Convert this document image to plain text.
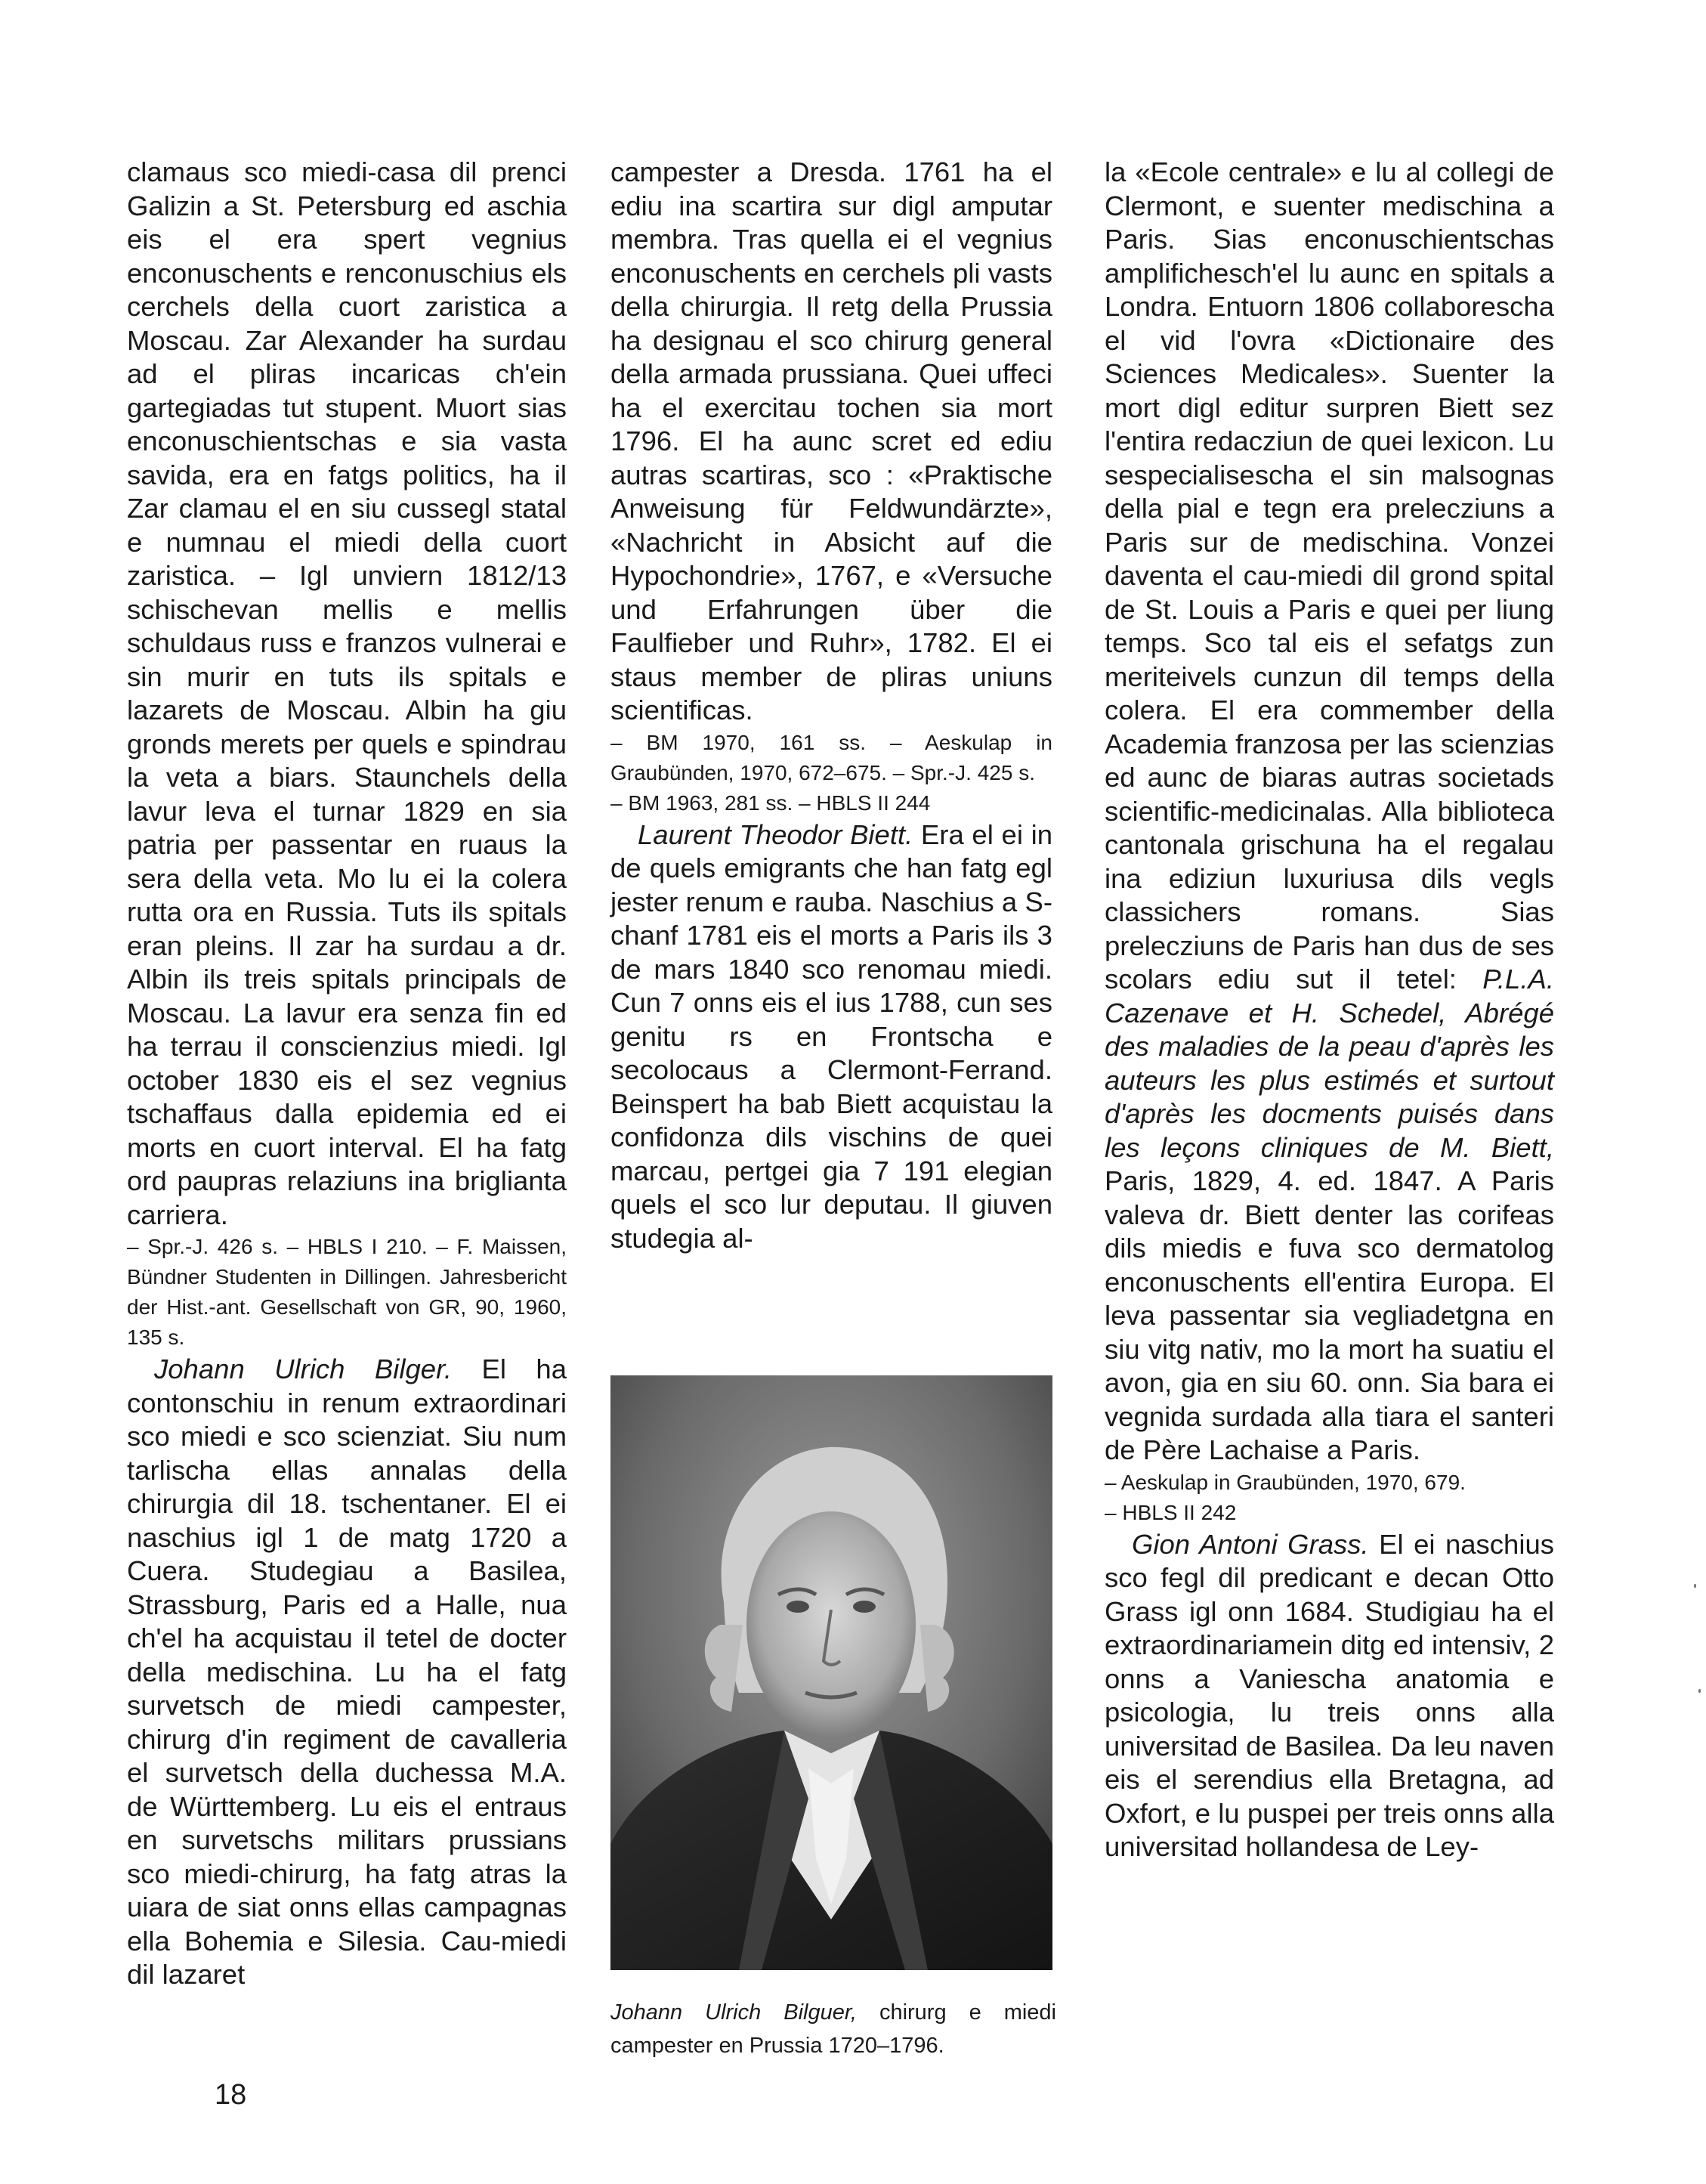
clamaus sco miedi-casa dil prenci Galizin a St. Petersburg ed aschia eis el era spert vegnius enconuschents e renconuschius els cerchels della cuort zaristica a Moscau. Zar Alexander ha surdau ad el pliras incaricas ch'ein gartegiadas tut stupent. Muort sias enconuschientschas e sia vasta savida, era en fatgs politics, ha il Zar clamau el en siu cussegl statal e numnau el miedi della cuort zaristica. – Igl unviern 1812/13 schischevan mellis e mellis schuldaus russ e franzos vulnerai e sin murir en tuts ils spitals e lazarets de Moscau. Albin ha giu gronds merets per quels e spindrau la veta a biars. Staunchels della lavur leva el turnar 1829 en sia patria per passentar en ruaus la sera della veta. Mo lu ei la colera rutta ora en Russia. Tuts ils spitals eran pleins. Il zar ha surdau a dr. Albin ils treis spitals principals de Moscau. La lavur era senza fin ed ha terrau il conscienzius miedi. Igl october 1830 eis el sez vegnius tschaffaus dalla epidemia ed ei morts en cuort interval. El ha fatg ord paupras relaziuns ina briglianta carriera.

– Spr.-J. 426 s. – HBLS I 210. – F. Maissen, Bündner Studenten in Dillingen. Jahresbericht der Hist.-ant. Gesellschaft von GR, 90, 1960, 135 s.

Johann Ulrich Bilger. El ha contonschiu in renum extraordinari sco miedi e sco scienziat. Siu num tarlischa ellas annalas della chirurgia dil 18. tschentaner. El ei naschius igl 1 de matg 1720 a Cuera. Studegiau a Basilea, Strassburg, Paris ed a Halle, nua ch'el ha acquistau il tetel de docter della medischina. Lu ha el fatg survetsch de miedi campester, chirurg d'in regiment de cavalleria el survetsch della duchessa M.A. de Württemberg. Lu eis el entraus en survetschs militars prussians sco miedi-chirurg, ha fatg atras la uiara de siat onns ellas campagnas ella Bohemia e Silesia. Cau-miedi dil lazaret

campester a Dresda. 1761 ha el ediu ina scartira sur digl amputar membra. Tras quella ei el vegnius enconuschents en cerchels pli vasts della chirurgia. Il retg della Prussia ha designau el sco chirurg general della armada prussiana. Quei uffeci ha el exercitau tochen sia mort 1796. El ha aunc scret ed ediu autras scartiras, sco : «Praktische Anweisung für Feldwundärzte», «Nachricht in Absicht auf die Hypochondrie», 1767, e «Versuche und Erfahrungen über die Faulfieber und Ruhr», 1782. El ei staus member de pliras uniuns scientificas.

– BM 1970, 161 ss. – Aeskulap in Graubünden, 1970, 672–675. – Spr.-J. 425 s.

– BM 1963, 281 ss. – HBLS II 244

Laurent Theodor Biett. Era el ei in de quels emigrants che han fatg egl jester renum e rauba. Naschius a S-chanf 1781 eis el morts a Paris ils 3 de mars 1840 sco renomau miedi. Cun 7 onns eis el ius 1788, cun ses genitu rs en Frontscha e secolocaus a Clermont-Ferrand. Beinspert ha bab Biett acquistau la confidonza dils vischins de quei marcau, pertgei gia 7 191 elegian quels el sco lur deputau. Il giuven studegia al-

Johann Ulrich Bilguer, chirurg e miedi campester en Prussia 1720–1796.

la «Ecole centrale» e lu al collegi de Clermont, e suenter medischina a Paris. Sias enconuschientschas amplifichesch'el lu aunc en spitals a Londra. Entuorn 1806 collaborescha el vid l'ovra «Dictionaire des Sciences Medicales». Suenter la mort digl editur surpren Biett sez l'entira redacziun de quei lexicon. Lu sespecialisescha el sin malsognas della pial e tegn era prelecziuns a Paris sur de medischina. Vonzei daventa el cau-miedi dil grond spital de St. Louis a Paris e quei per liung temps. Sco tal eis el sefatgs zun meriteivels cunzun dil temps della colera. El era commember della Academia franzosa per las scienzias ed aunc de biaras autras societads scientific-medicinalas. Alla biblioteca cantonala grischuna ha el regalau ina ediziun luxuriusa dils vegls classichers romans. Sias prelecziuns de Paris han dus de ses scolars ediu sut il tetel: P.L.A. Cazenave et H. Schedel, Abrégé des maladies de la peau d'après les auteurs les plus estimés et surtout d'après les docments puisés dans les leçons cliniques de M. Biett, Paris, 1829, 4. ed. 1847. A Paris valeva dr. Biett denter las corifeas dils miedis e fuva sco dermatolog enconuschents ell'entira Europa. El leva passentar sia vegliadetgna en siu vitg nativ, mo la mort ha suatiu el avon, gia en siu 60. onn. Sia bara ei vegnida surdada alla tiara el santeri de Père Lachaise a Paris.

– Aeskulap in Graubünden, 1970, 679.

– HBLS II 242

Gion Antoni Grass. El ei naschius sco fegl dil predicant e decan Otto Grass igl onn 1684. Studigiau ha el extraordinariamein ditg ed intensiv, 2 onns a Vaniescha anatomia e psicologia, lu treis onns alla universitad de Basilea. Da leu naven eis el serendius ella Bretagna, ad Oxfort, e lu puspei per treis onns alla universitad hollandesa de Ley-

18
